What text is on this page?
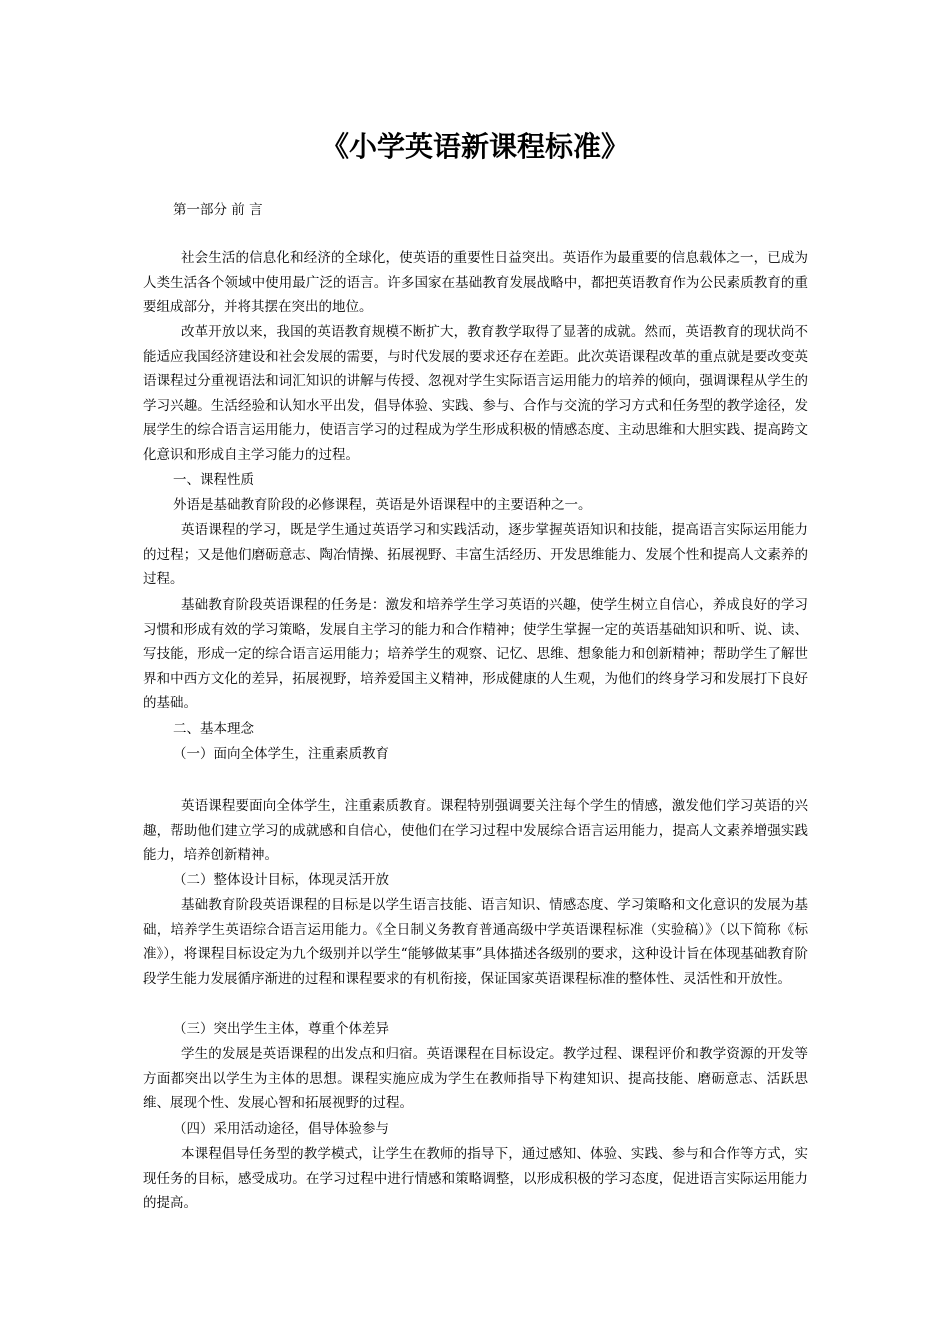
《小学英语新课程标准》
第一部分 前 言
社会生活的信息化和经济的全球化，使英语的重要性日益突出。英语作为最重要的信息载体之一，已成为人类生活各个领域中使用最广泛的语言。许多国家在基础教育发展战略中，都把英语教育作为公民素质教育的重要组成部分，并将其摆在突出的地位。
改革开放以来，我国的英语教育规模不断扩大，教育教学取得了显著的成就。然而，英语教育的现状尚不能适应我国经济建设和社会发展的需要，与时代发展的要求还存在差距。此次英语课程改革的重点就是要改变英语课程过分重视语法和词汇知识的讲解与传授、忽视对学生实际语言运用能力的培养的倾向，强调课程从学生的学习兴趣。生活经验和认知水平出发，倡导体验、实践、参与、合作与交流的学习方式和任务型的教学途径，发展学生的综合语言运用能力，使语言学习的过程成为学生形成积极的情感态度、主动思维和大胆实践、提高跨文化意识和形成自主学习能力的过程。
一、课程性质
外语是基础教育阶段的必修课程，英语是外语课程中的主要语种之一。
英语课程的学习，既是学生通过英语学习和实践活动，逐步掌握英语知识和技能，提高语言实际运用能力的过程；又是他们磨砺意志、陶冶情操、拓展视野、丰富生活经历、开发思维能力、发展个性和提高人文素养的过程。
基础教育阶段英语课程的任务是：激发和培养学生学习英语的兴趣，使学生树立自信心，养成良好的学习习惯和形成有效的学习策略，发展自主学习的能力和合作精神；使学生掌握一定的英语基础知识和听、说、读、写技能，形成一定的综合语言运用能力；培养学生的观察、记忆、思维、想象能力和创新精神；帮助学生了解世界和中西方文化的差异，拓展视野，培养爱国主义精神，形成健康的人生观，为他们的终身学习和发展打下良好的基础。
二、基本理念
（一）面向全体学生，注重素质教育
英语课程要面向全体学生，注重素质教育。课程特别强调要关注每个学生的情感，激发他们学习英语的兴趣，帮助他们建立学习的成就感和自信心，使他们在学习过程中发展综合语言运用能力，提高人文素养增强实践能力，培养创新精神。
（二）整体设计目标，体现灵活开放
基础教育阶段英语课程的目标是以学生语言技能、语言知识、情感态度、学习策略和文化意识的发展为基础，培养学生英语综合语言运用能力。《全日制义务教育普通高级中学英语课程标准（实验稿）》（以下简称《标准》），将课程目标设定为九个级别并以学生“能够做某事”具体描述各级别的要求，这种设计旨在体现基础教育阶段学生能力发展循序渐进的过程和课程要求的有机衔接，保证国家英语课程标准的整体性、灵活性和开放性。
（三）突出学生主体，尊重个体差异
学生的发展是英语课程的出发点和归宿。英语课程在目标设定。教学过程、课程评价和教学资源的开发等方面都突出以学生为主体的思想。课程实施应成为学生在教师指导下构建知识、提高技能、磨砺意志、活跃思维、展现个性、发展心智和拓展视野的过程。
（四）采用活动途径，倡导体验参与
本课程倡导任务型的教学模式，让学生在教师的指导下，通过感知、体验、实践、参与和合作等方式，实现任务的目标，感受成功。在学习过程中进行情感和策略调整，以形成积极的学习态度，促进语言实际运用能力的提高。
